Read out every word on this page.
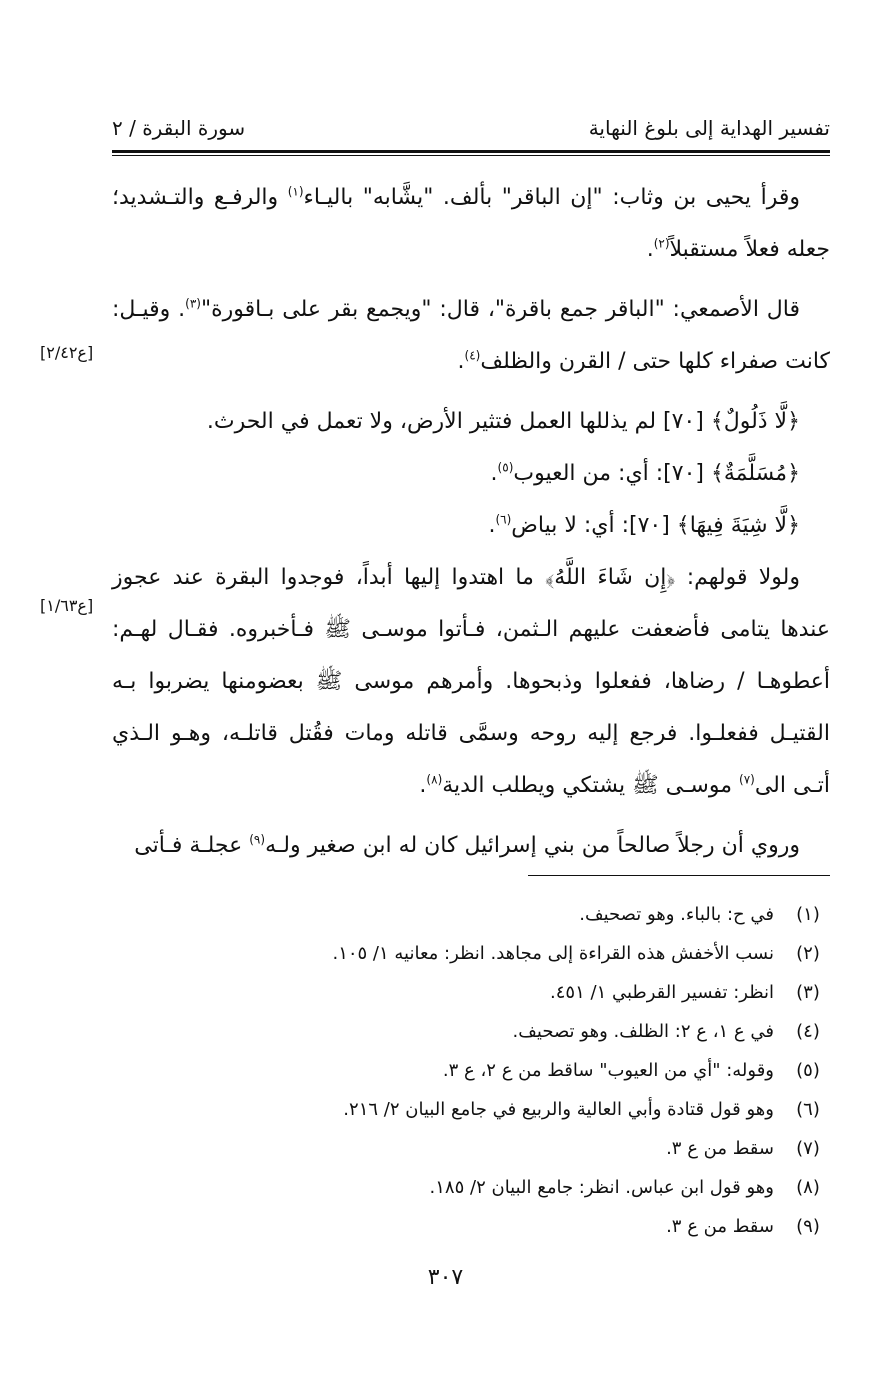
تفسير الهداية إلى بلوغ النهاية
سورة البقرة / ٢
[ع٢/٤٢]
[ع١/٦٣]

وقرأ يحيى بن وثاب: "إن الباقر" بألف. "يشَّابه" باليـاء$^{(١)}$ والرفـع والتـشديد؛ جعله فعلاً مستقبلاً$^{(٢)}$.

قال الأصمعي: "الباقر جمع باقرة"، قال: "ويجمع بقر على بـاقورة"$^{(٣)}$. وقيـل: كانت صفراء كلها حتى / القرن والظلف$^{(٤)}$.

﴿لَّا ذَلُولٌ﴾ [٧٠] لم يذللها العمل فتثير الأرض، ولا تعمل في الحرث.

﴿مُسَلَّمَةٌ﴾ [٧٠]: أي: من العيوب$^{(٥)}$.

﴿لَّا شِيَةَ فِيهَا﴾ [٧٠]: أي: لا بياض$^{(٦)}$.

ولولا قولهم: ﴿إِن شَاءَ اللَّهُ﴾ ما اهتدوا إليها أبداً، فوجدوا البقرة عند عجوز عندها يتامى فأضعفت عليهم الـثمن، فـأتوا موسـى ﷺ فـأخبروه. فقـال لهـم: أعطوهـا / رضاها، ففعلوا وذبحوها. وأمرهم موسى ﷺ بعضومنها يضربوا بـه القتيـل ففعلـوا. فرجع إليه روحه وسمَّى قاتله ومات فقُتل قاتلـه، وهـو الـذي أتـى الى$^{(٧)}$ موسـى ﷺ يشتكي ويطلب الدية$^{(٨)}$.

وروي أن رجلاً صالحاً من بني إسرائيل كان له ابن صغير ولـه$^{(٩)}$ عجلـة فـأتى

(١)في ح: بالباء. وهو تصحيف.
(٢)نسب الأخفش هذه القراءة إلى مجاهد. انظر: معانيه ١/ ١٠٥.
(٣)انظر: تفسير القرطبي ١/ ٤٥١.
(٤)في ع ١، ع ٢: الظلف. وهو تصحيف.
(٥)وقوله: "أي من العيوب" ساقط من ع ٢، ع ٣.
(٦)وهو قول قتادة وأبي العالية والربيع في جامع البيان ٢/ ٢١٦.
(٧)سقط من ع ٣.
(٨)وهو قول ابن عباس. انظر: جامع البيان ٢/ ١٨٥.
(٩)سقط من ع ٣.
٣٠٧
